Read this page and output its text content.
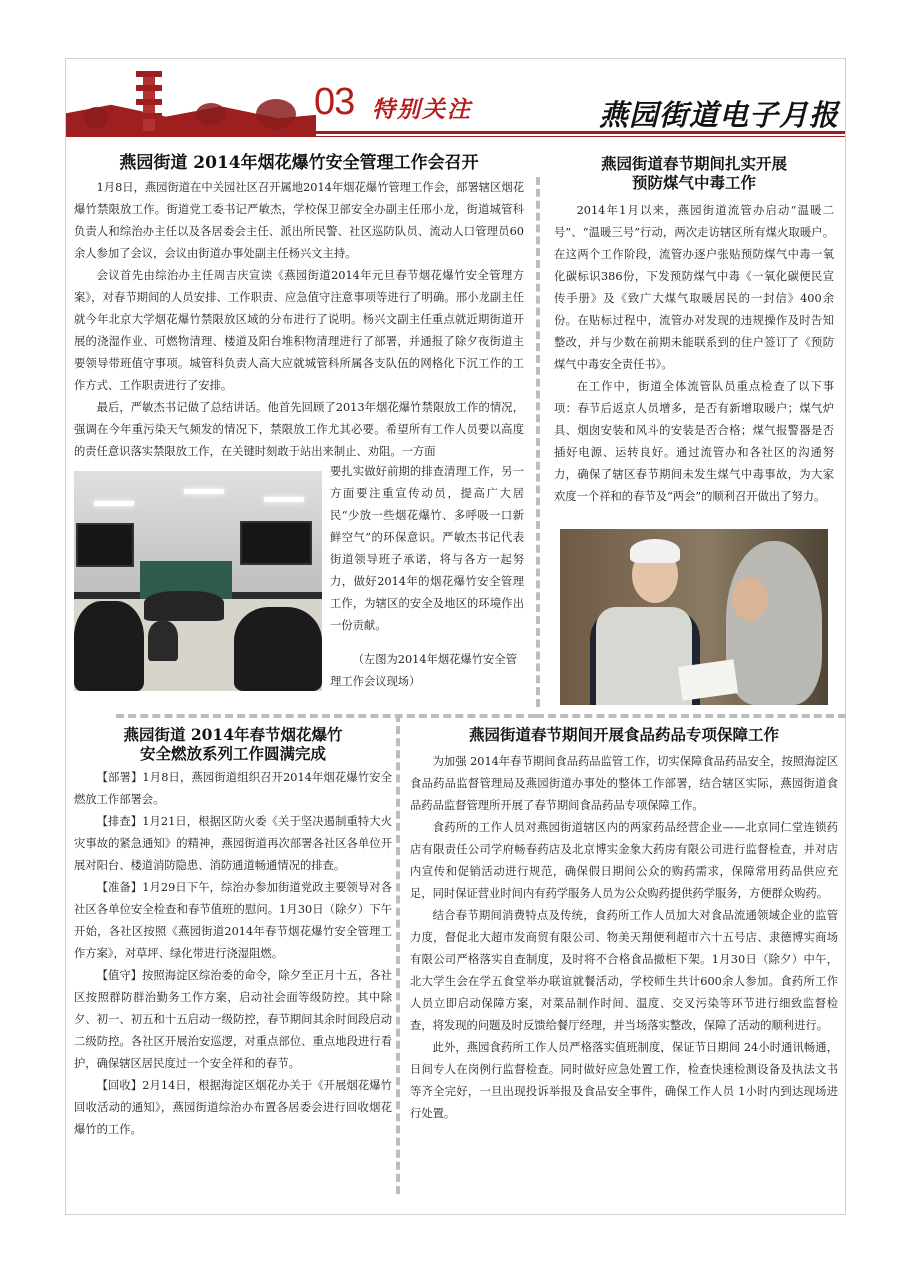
03 特别关注	燕园街道电子月报
燕园街道 2014年烟花爆竹安全管理工作会召开

1月8日，燕园街道在中关园社区召开属地2014年烟花爆竹管理工作会，部署辖区烟花爆竹禁限放工作。街道党工委书记严敏杰，学校保卫部安全办副主任邢小龙，街道城管科负责人和综治办主任以及各居委会主任、派出所民警、社区巡防队员、流动人口管理员60余人参加了会议，会议由街道办事处副主任杨兴文主持。

会议首先由综治办主任周吉庆宣读《燕园街道2014年元旦春节烟花爆竹安全管理方案》，对春节期间的人员安排、工作职责、应急值守注意事项等进行了明确。邢小龙副主任就今年北京大学烟花爆竹禁限放区域的分布进行了说明。杨兴文副主任重点就近期街道开展的浇湿作业、可燃物清理、楼道及阳台堆积物清理进行了部署，并通报了除夕夜街道主要领导带班值守事项。城管科负责人高大应就城管科所属各支队伍的网格化下沉工作的工作方式、工作职责进行了安排。

最后，严敏杰书记做了总结讲话。他首先回顾了2013年烟花爆竹禁限放工作的情况，强调在今年重污染天气频发的情况下，禁限放工作尤其必要。希望所有工作人员要以高度的责任意识落实禁限放工作，在关键时刻敢于站出来制止、劝阻。一方面

要扎实做好前期的排查清理工作，另一方面要注重宣传动员，提高广大居民“少放一些烟花爆竹、多呼吸一口新鲜空气”的环保意识。严敏杰书记代表街道领导班子承诺，将与各方一起努力，做好2014年的烟花爆竹安全管理工作，为辖区的安全及地区的环境作出一份贡献。

（左图为2014年烟花爆竹安全管理工作会议现场）

燕园街道春节期间扎实开展
预防煤气中毒工作

2014年1月以来，燕园街道流管办启动“温暖二号”、“温暖三号”行动，两次走访辖区所有煤火取暖户。在这两个工作阶段，流管办逐户张贴预防煤气中毒一氧化碳标识386份，下发预防煤气中毒《一氧化碳便民宣传手册》及《致广大煤气取暖居民的一封信》400余份。在贴标过程中，流管办对发现的违规操作及时告知整改，并与少数在前期未能联系到的住户签订了《预防煤气中毒安全责任书》。

在工作中，街道全体流管队员重点检查了以下事项：春节后返京人员增多，是否有新增取暖户；煤气炉具、烟囱安装和风斗的安装是否合格；煤气报警器是否插好电源、运转良好。通过流管办和各社区的沟通努力，确保了辖区春节期间未发生煤气中毒事故，为大家欢度一个祥和的春节及“两会”的顺利召开做出了努力。

燕园街道 2014年春节烟花爆竹
安全燃放系列工作圆满完成

【部署】1月8日，燕园街道组织召开2014年烟花爆竹安全燃放工作部署会。

【排查】1月21日，根据区防火委《关于坚决遏制重特大火灾事故的紧急通知》的精神，燕园街道再次部署各社区各单位开展对阳台、楼道消防隐患、消防通道畅通情况的排查。

【准备】1月29日下午，综治办参加街道党政主要领导对各社区各单位安全检查和春节值班的慰问。1月30日（除夕）下午开始，各社区按照《燕园街道2014年春节烟花爆竹安全管理工作方案》，对草坪、绿化带进行浇湿阻燃。

【值守】按照海淀区综治委的命令，除夕至正月十五，各社区按照群防群治勤务工作方案，启动社会面等级防控。其中除夕、初一、初五和十五启动一级防控，春节期间其余时间段启动二级防控。各社区开展治安巡逻，对重点部位、重点地段进行看护，确保辖区居民度过一个安全祥和的春节。

【回收】2月14日，根据海淀区烟花办关于《开展烟花爆竹回收活动的通知》，燕园街道综治办布置各居委会进行回收烟花爆竹的工作。

燕园街道春节期间开展食品药品专项保障工作

为加强 2014年春节期间食品药品监管工作，切实保障食品药品安全，按照海淀区食品药品监督管理局及燕园街道办事处的整体工作部署，结合辖区实际，燕园街道食品药品监督管理所开展了春节期间食品药品专项保障工作。

食药所的工作人员对燕园街道辖区内的两家药品经营企业——北京同仁堂连锁药店有限责任公司学府畅春药店及北京博实金象大药房有限公司进行监督检查，并对店内宣传和促销活动进行规范，确保假日期间公众的购药需求，保障常用药品供应充足，同时保证营业时间内有药学服务人员为公众购药提供药学服务，方便群众购药。

结合春节期间消费特点及传统，食药所工作人员加大对食品流通领域企业的监管力度，督促北大超市发商贸有限公司、物美天翔便利超市六十五号店、隶德博实商场有限公司严格落实自查制度，及时将不合格食品撤柜下架。1月30日（除夕）中午，北大学生会在学五食堂举办联谊就餐活动，学校师生共计600余人参加。食药所工作人员立即启动保障方案，对菜品制作时间、温度、交叉污染等环节进行细致监督检查，将发现的问题及时反馈给餐厅经理，并当场落实整改，保障了活动的顺利进行。

此外，燕园食药所工作人员严格落实值班制度，保证节日期间 24小时通讯畅通，日间专人在岗例行监督检查。同时做好应急处置工作，检查快速检测设备及执法文书等齐全完好，一旦出现投诉举报及食品安全事件，确保工作人员 1小时内到达现场进行处置。
